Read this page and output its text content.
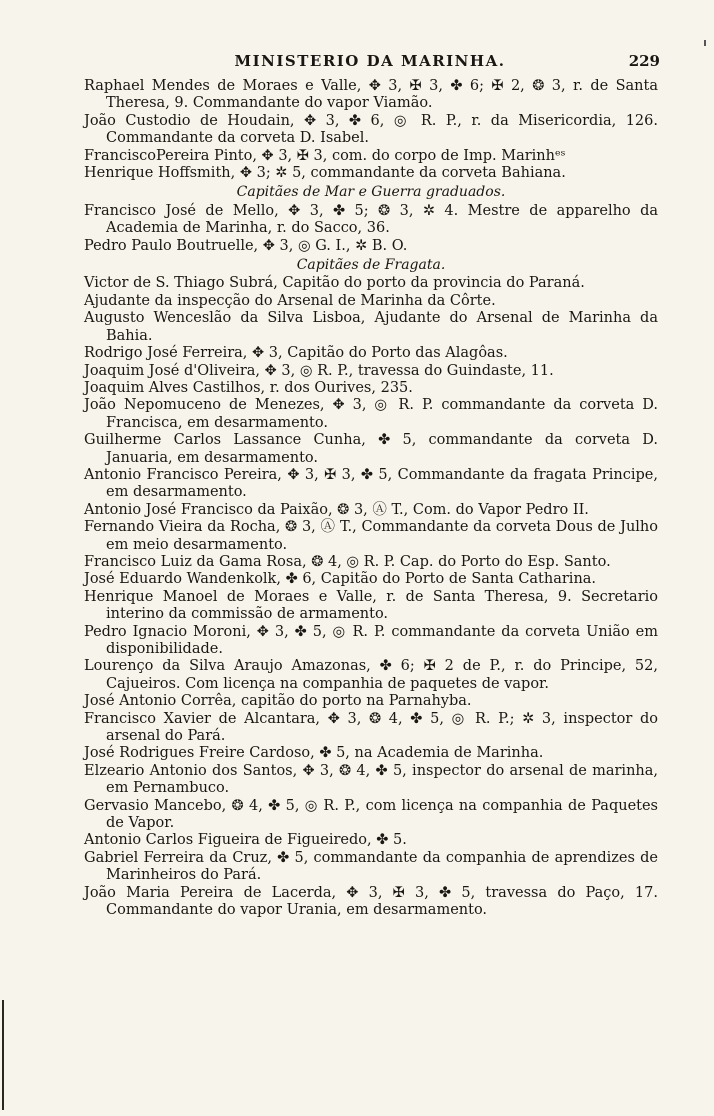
MINISTERIO DA MARINHA.	229

Raphael Mendes de Moraes e Valle, ✥ 3, ✠ 3, ✤ 6; ✠ 2, ❂ 3, r. de Santa Theresa, 9. Commandante do vapor Viamão.

João Custodio de Houdain, ✥ 3, ✤ 6, ◎ R. P., r. da Misericordia, 126. Commandante da corveta D. Isabel.

FranciscoPereira Pinto, ✥ 3, ✠ 3, com. do corpo de Imp. Marinhᵉˢ

Henrique Hoffsmith, ✥ 3; ✲ 5, commandante da corveta Bahiana.

Capitães de Mar e Guerra graduados.

Francisco José de Mello, ✥ 3, ✤ 5; ❂ 3, ✲ 4. Mestre de apparelho da Academia de Marinha, r. do Sacco, 36.

Pedro Paulo Boutruelle, ✥ 3, ◎ G. I., ✲ B. O.

Capitães de Fragata.

Victor de S. Thiago Subrá, Capitão do porto da provincia do Paraná.

Ajudante da inspecção do Arsenal de Marinha da Côrte.

Augusto Wenceslão da Silva Lisboa, Ajudante do Arsenal de Marinha da Bahia.

Rodrigo José Ferreira, ✥ 3, Capitão do Porto das Alagôas.

Joaquim José d'Oliveira, ✥ 3, ◎ R. P., travessa do Guindaste, 11.

Joaquim Alves Castilhos, r. dos Ourives, 235.

João Nepomuceno de Menezes, ✥ 3, ◎ R. P. commandante da corveta D. Francisca, em desarmamento.

Guilherme Carlos Lassance Cunha, ✤ 5, commandante da corveta D. Januaria, em desarmamento.

Antonio Francisco Pereira, ✥ 3, ✠ 3, ✤ 5, Commandante da fragata Principe, em desarmamento.

Antonio José Francisco da Paixão, ❂ 3, Ⓐ T., Com. do Vapor Pedro II.

Fernando Vieira da Rocha, ❂ 3, Ⓐ T., Commandante da corveta Dous de Julho em meio desarmamento.

Francisco Luiz da Gama Rosa, ❂ 4, ◎ R. P. Cap. do Porto do Esp. Santo.

José Eduardo Wandenkolk, ✤ 6, Capitão do Porto de Santa Catharina.

Henrique Manoel de Moraes e Valle, r. de Santa Theresa, 9. Secretario interino da commissão de armamento.

Pedro Ignacio Moroni, ✥ 3, ✤ 5, ◎ R. P. commandante da corveta União em disponibilidade.

Lourenço da Silva Araujo Amazonas, ✤ 6; ✠ 2 de P., r. do Principe, 52, Cajueiros. Com licença na companhia de paquetes de vapor.

José Antonio Corrêa, capitão do porto na Parnahyba.

Francisco Xavier de Alcantara, ✥ 3, ❂ 4, ✤ 5, ◎ R. P.; ✲ 3, inspector do arsenal do Pará.

José Rodrigues Freire Cardoso, ✤ 5, na Academia de Marinha.

Elzeario Antonio dos Santos, ✥ 3, ❂ 4, ✤ 5, inspector do arsenal de marinha, em Pernambuco.

Gervasio Mancebo, ❂ 4, ✤ 5, ◎ R. P., com licença na companhia de Paquetes de Vapor.

Antonio Carlos Figueira de Figueiredo, ✤ 5.

Gabriel Ferreira da Cruz, ✤ 5, commandante da companhia de aprendizes de Marinheiros do Pará.

João Maria Pereira de Lacerda, ✥ 3, ✠ 3, ✤ 5, travessa do Paço, 17. Commandante do vapor Urania, em desarmamento.
